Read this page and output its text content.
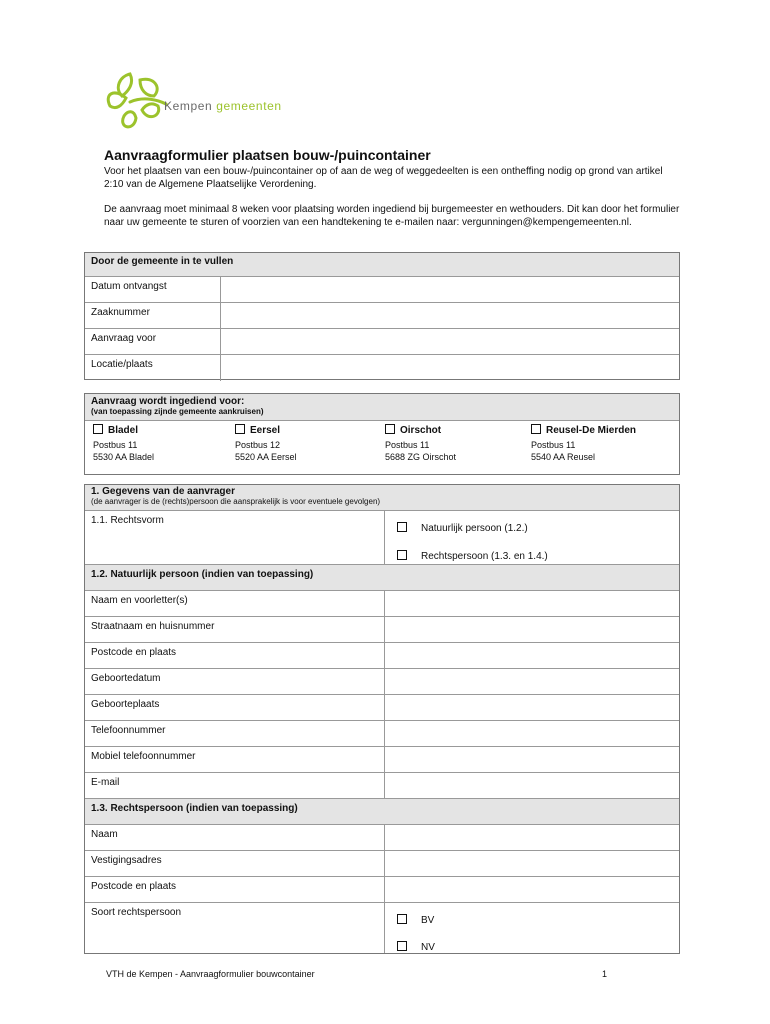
Kempen gemeenten
Aanvraagformulier plaatsen bouw-/puincontainer

Voor het plaatsen van een bouw-/puincontainer op of aan de weg of weggedeelten is een ontheffing nodig op grond van artikel 2:10 van de Algemene Plaatselijke Verordening.

De aanvraag moet minimaal 8 weken voor plaatsing worden ingediend bij burgemeester en wethouders. Dit kan door het formulier naar uw gemeente te sturen of voorzien van een handtekening te e-mailen naar: vergunningen@kempengemeenten.nl.

Door de gemeente in te vullen
Datum ontvangst
Zaaknummer
Aanvraag voor
Locatie/plaats
Aanvraag wordt ingediend voor:
(van toepassing zijnde gemeente aankruisen)
Bladel
Postbus 11
5530 AA Bladel
Eersel
Postbus 12
5520 AA Eersel
Oirschot
Postbus 11
5688 ZG Oirschot
Reusel-De Mierden
Postbus 11
5540 AA Reusel
1. Gegevens van de aanvrager
(de aanvrager is de (rechts)persoon die aansprakelijk is voor eventuele gevolgen)
1.1. Rechtsvorm
Natuurlijk persoon (1.2.)
Rechtspersoon (1.3. en 1.4.)
1.2. Natuurlijk persoon (indien van toepassing)
Naam en voorletter(s)
Straatnaam en huisnummer
Postcode en plaats
Geboortedatum
Geboorteplaats
Telefoonnummer
Mobiel telefoonnummer
E-mail
1.3. Rechtspersoon (indien van toepassing)
Naam
Vestigingsadres
Postcode en plaats
Soort rechtspersoon
BV
NV
VTH de Kempen - Aanvraagformulier bouwcontainer	1
